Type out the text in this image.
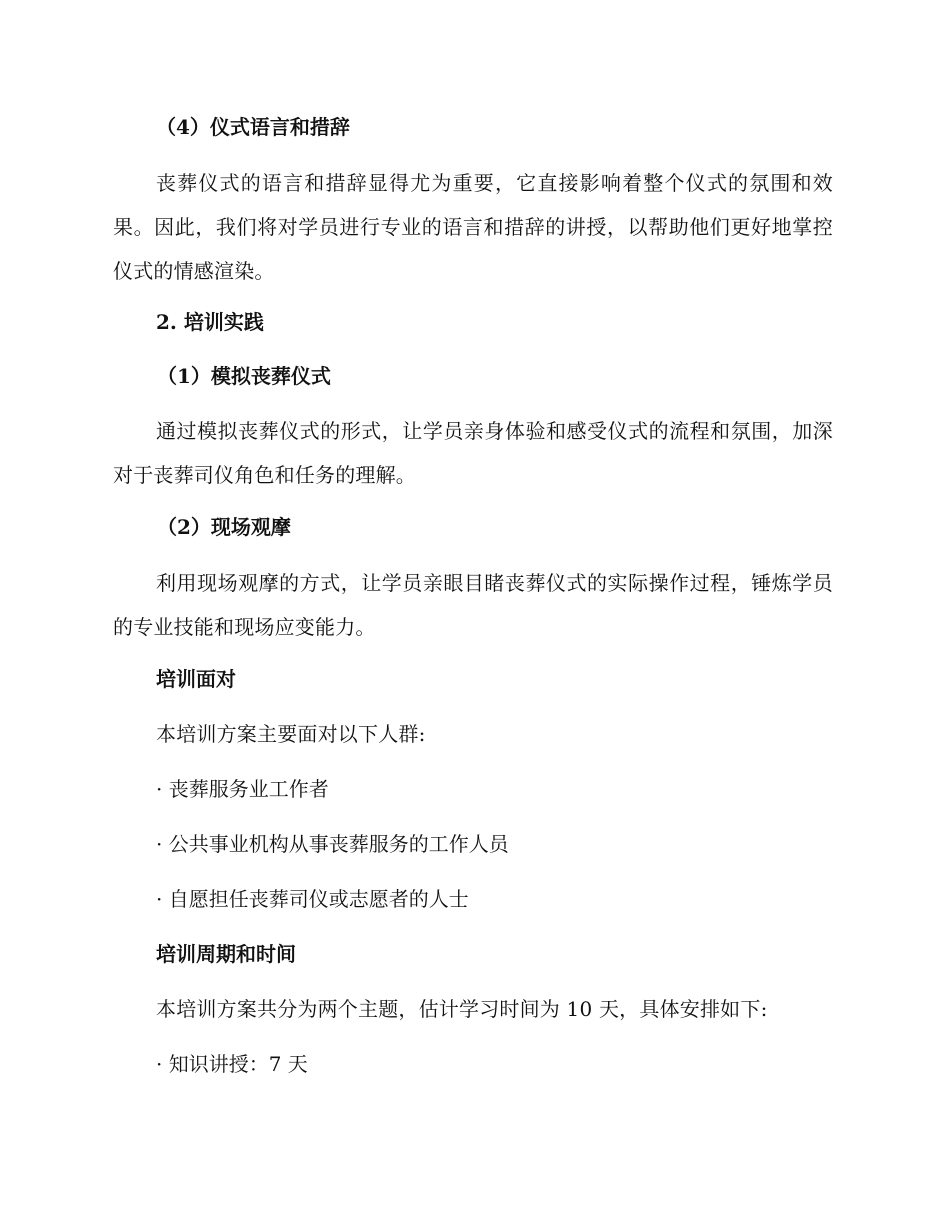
（4）仪式语言和措辞

丧葬仪式的语言和措辞显得尤为重要，它直接影响着整个仪式的氛围和效果。因此，我们将对学员进行专业的语言和措辞的讲授，以帮助他们更好地掌控仪式的情感渲染。

2. 培训实践

（1）模拟丧葬仪式

通过模拟丧葬仪式的形式，让学员亲身体验和感受仪式的流程和氛围，加深对于丧葬司仪角色和任务的理解。

（2）现场观摩

利用现场观摩的方式，让学员亲眼目睹丧葬仪式的实际操作过程，锤炼学员的专业技能和现场应变能力。

培训面对

本培训方案主要面对以下人群:

· 丧葬服务业工作者

· 公共事业机构从事丧葬服务的工作人员

· 自愿担任丧葬司仪或志愿者的人士

培训周期和时间

本培训方案共分为两个主题，估计学习时间为 10 天，具体安排如下:

· 知识讲授：7 天
